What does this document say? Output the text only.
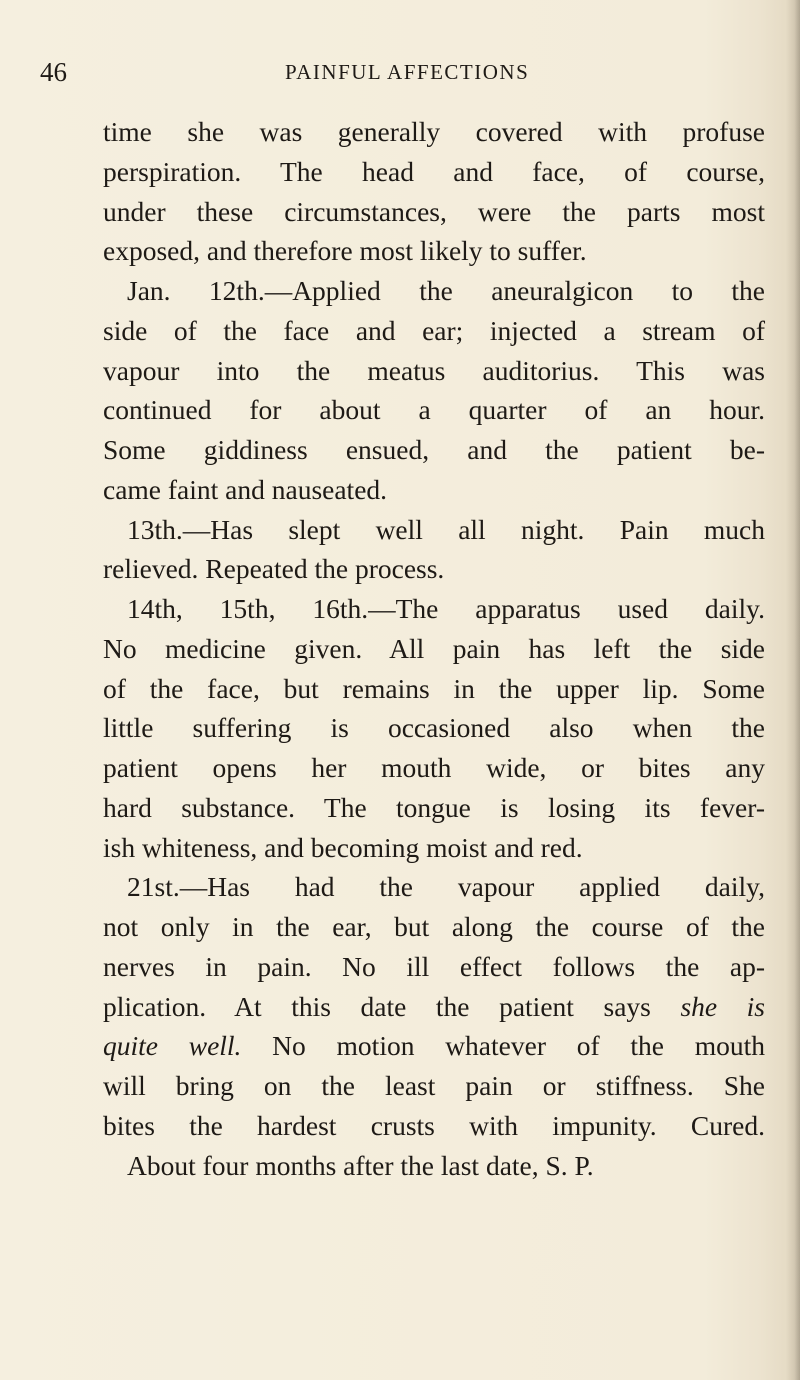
46	PAINFUL AFFECTIONS
time she was generally covered with profuse
perspiration. The head and face, of course,
under these circumstances, were the parts most
exposed, and therefore most likely to suffer.
Jan. 12th.—Applied the aneuralgicon to the
side of the face and ear; injected a stream of
vapour into the meatus auditorius. This was
continued for about a quarter of an hour.
Some giddiness ensued, and the patient be-
came faint and nauseated.
13th.—Has slept well all night. Pain much
relieved. Repeated the process.
14th, 15th, 16th.—The apparatus used daily.
No medicine given. All pain has left the side
of the face, but remains in the upper lip. Some
little suffering is occasioned also when the
patient opens her mouth wide, or bites any
hard substance. The tongue is losing its fever-
ish whiteness, and becoming moist and red.
21st.—Has had the vapour applied daily,
not only in the ear, but along the course of the
nerves in pain. No ill effect follows the ap-
plication. At this date the patient says she is
quite well. No motion whatever of the mouth
will bring on the least pain or stiffness. She
bites the hardest crusts with impunity. Cured.
About four months after the last date, S. P.
